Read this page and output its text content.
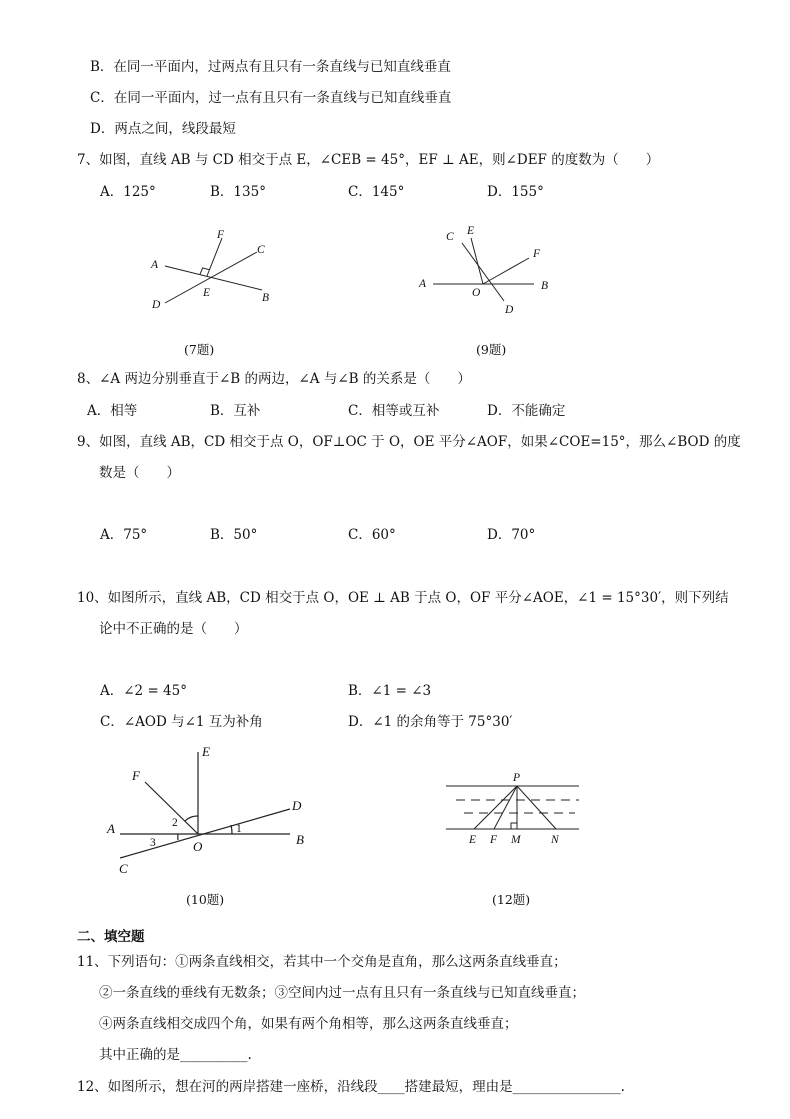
B．在同一平面内，过两点有且只有一条直线与已知直线垂直
C．在同一平面内，过一点有且只有一条直线与已知直线垂直
D．两点之间，线段最短
7、如图，直线 AB 与 CD 相交于点 E，∠CEB = 45°，EF ⊥ AE，则∠DEF 的度数为（　　）
A．125°	B．135°	C．145°	D．155°
F
C
A
E	B
D
(7题)
C E
F
A
O
B
D
(9题)
8、∠A 两边分别垂直于∠B 的两边，∠A 与∠B 的关系是（　　）
A．相等	B．互补	C．相等或互补	D．不能确定
9、如图，直线 AB，CD 相交于点 O，OF⊥OC 于 O，OE 平分∠AOF，如果∠COE=15°，那么∠BOD 的度
数是（　　）
A．75°	B．50°	C．60°	D．70°
10、如图所示，直线 AB，CD 相交于点 O，OE ⊥ AB 于点 O，OF 平分∠AOE，∠1 = 15°30′，则下列结
论中不正确的是（　　）
A．∠2 = 45°	B．∠1 = ∠3
C．∠AOD 与∠1 互为补角	D．∠1 的余角等于 75°30′
E
F
D
A
B
O
C
1
2
3
(10题)
P
E F M	N
(12题)
二、填空题
11、下列语句：①两条直线相交，若其中一个交角是直角，那么这两条直线垂直；
②一条直线的垂线有无数条；③空间内过一点有且只有一条直线与已知直线垂直；
④两条直线相交成四个角，如果有两个角相等，那么这两条直线垂直；
其中正确的是__________.
12、如图所示，想在河的两岸搭建一座桥，沿线段____搭建最短，理由是________________.
